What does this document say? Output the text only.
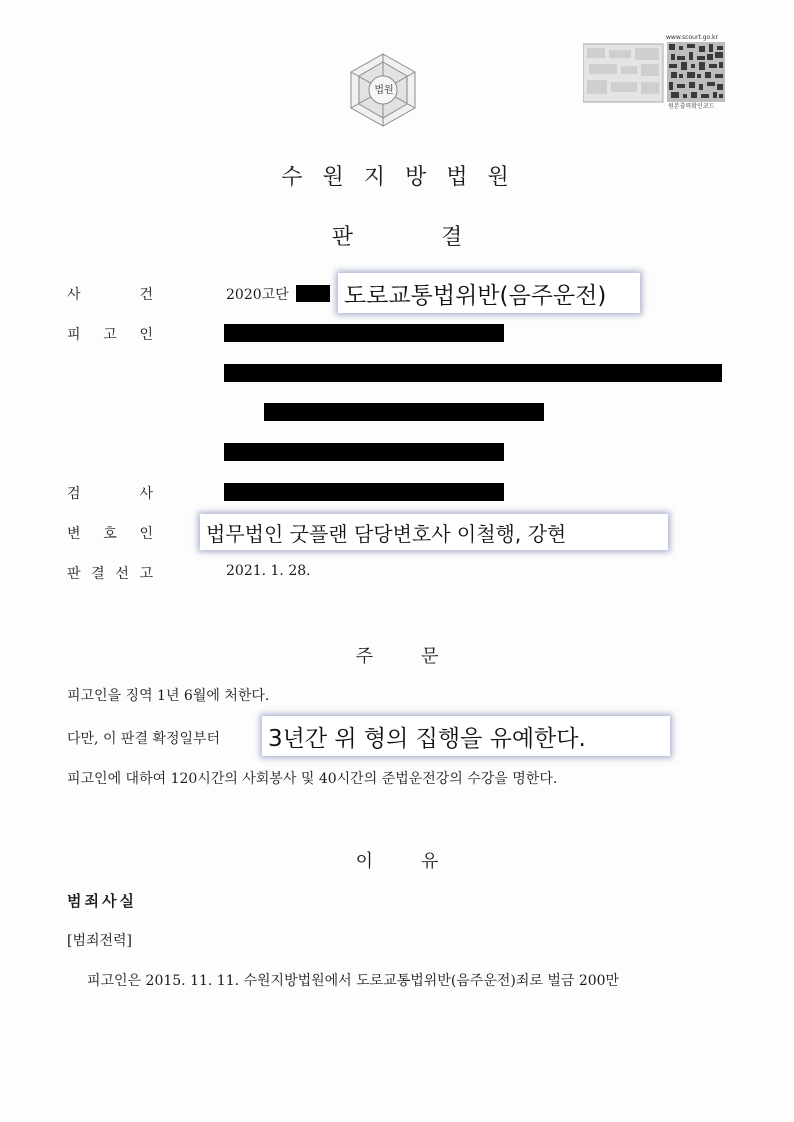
법원
www.scourt.go.kr
원본출력확인코드
수원지방법원
판결
사	건	2020고단 도로교통법위반(음주운전)
피 고 인
검	사
변 호 인	법무법인 굿플랜 담당변호사 이철행, 강현
판 결 선 고	2021. 1. 28.
주문
피고인을 징역 1년 6월에 처한다.
다만, 이 판결 확정일부터 3년간 위 형의 집행을 유예한다.
피고인에 대하여 120시간의 사회봉사 및 40시간의 준법운전강의 수강을 명한다.
이유
범죄사실
[범죄전력]
피고인은 2015. 11. 11. 수원지방법원에서 도로교통법위반(음주운전)죄로 벌금 200만
